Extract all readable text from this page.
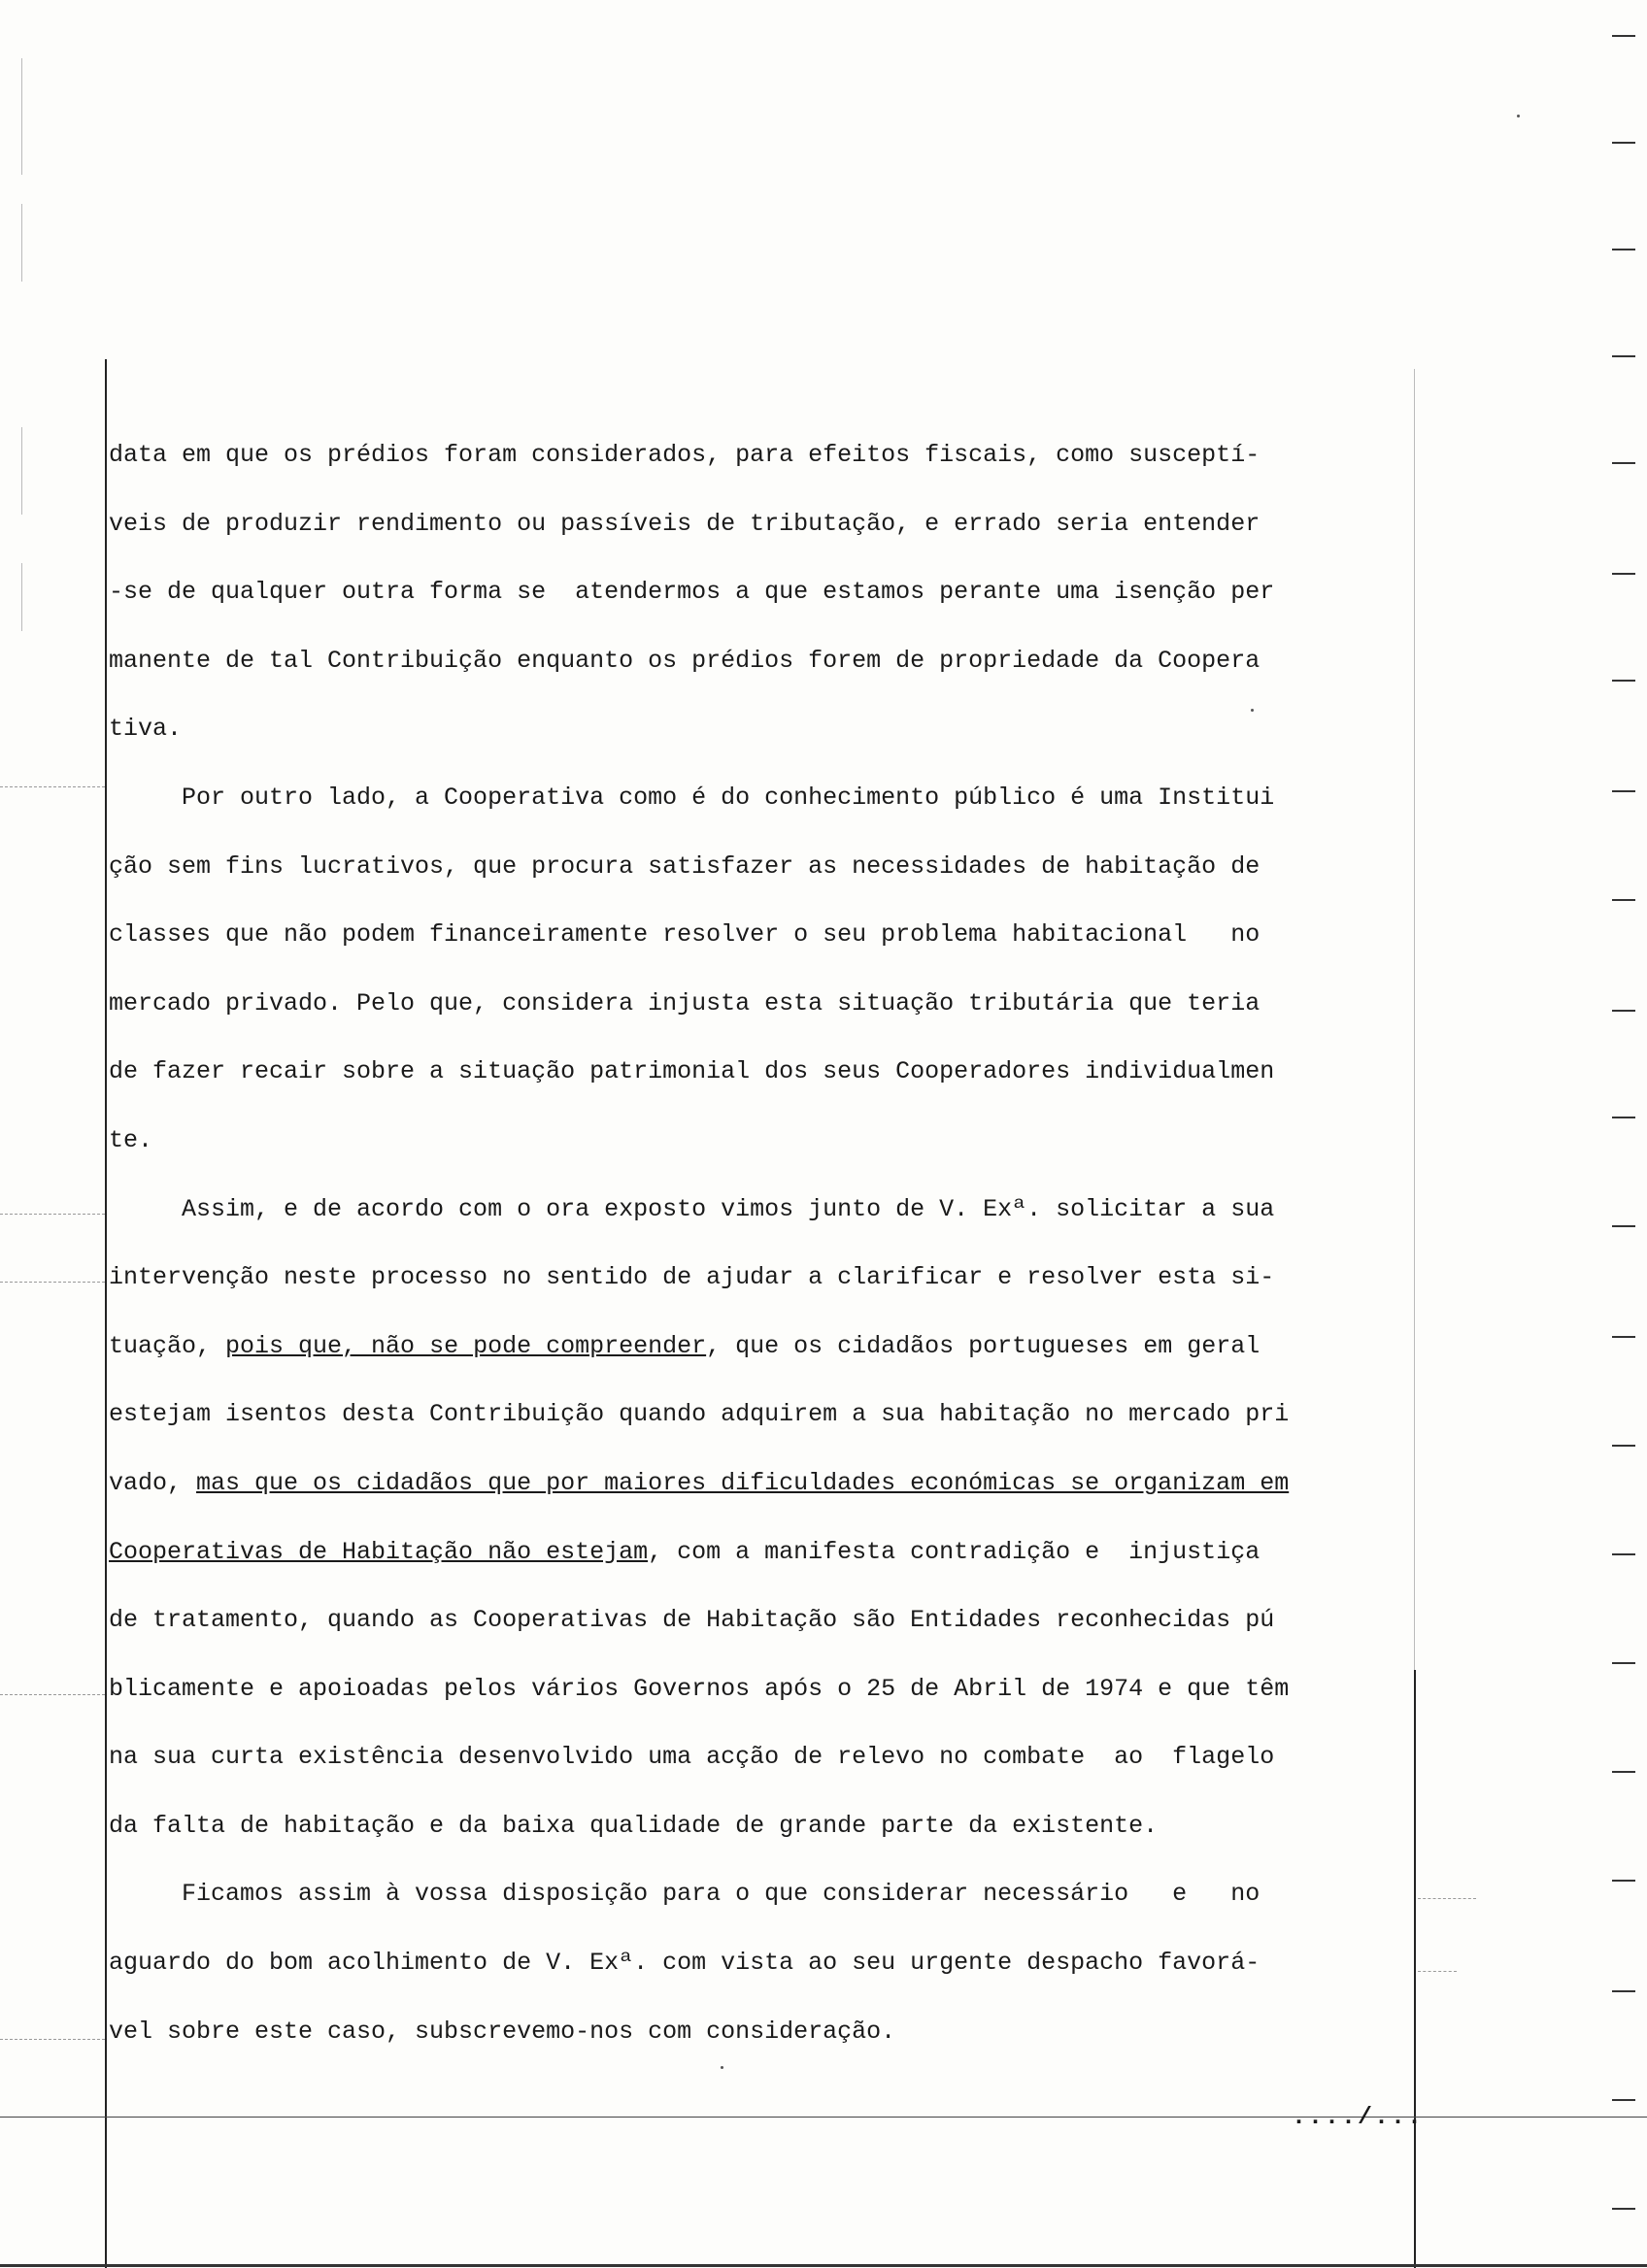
data em que os prédios foram considerados, para efeitos fiscais, como susceptí-
veis de produzir rendimento ou passíveis de tributação, e errado seria entender
-se de qualquer outra forma se  atendermos a que estamos perante uma isenção per
manente de tal Contribuição enquanto os prédios forem de propriedade da Coopera
tiva.
Por outro lado, a Cooperativa como é do conhecimento público é uma Institui
ção sem fins lucrativos, que procura satisfazer as necessidades de habitação de
classes que não podem financeiramente resolver o seu problema habitacional   no
mercado privado. Pelo que, considera injusta esta situação tributária que teria
de fazer recair sobre a situação patrimonial dos seus Cooperadores individualmen
te.
Assim, e de acordo com o ora exposto vimos junto de V. Exª. solicitar a sua
intervenção neste processo no sentido de ajudar a clarificar e resolver esta si-
tuação, pois que, não se pode compreender, que os cidadãos portugueses em geral
estejam isentos desta Contribuição quando adquirem a sua habitação no mercado pri
vado, mas que os cidadãos que por maiores dificuldades económicas se organizam em
Cooperativas de Habitação não estejam, com a manifesta contradição e  injustiça
de tratamento, quando as Cooperativas de Habitação são Entidades reconhecidas pú
blicamente e apoioadas pelos vários Governos após o 25 de Abril de 1974 e que têm
na sua curta existência desenvolvido uma acção de relevo no combate  ao  flagelo
da falta de habitação e da baixa qualidade de grande parte da existente.
Ficamos assim à vossa disposição para o que considerar necessário   e   no
aguardo do bom acolhimento de V. Exª. com vista ao seu urgente despacho favorá-
vel sobre este caso, subscrevemo-nos com consideração.
..../...
